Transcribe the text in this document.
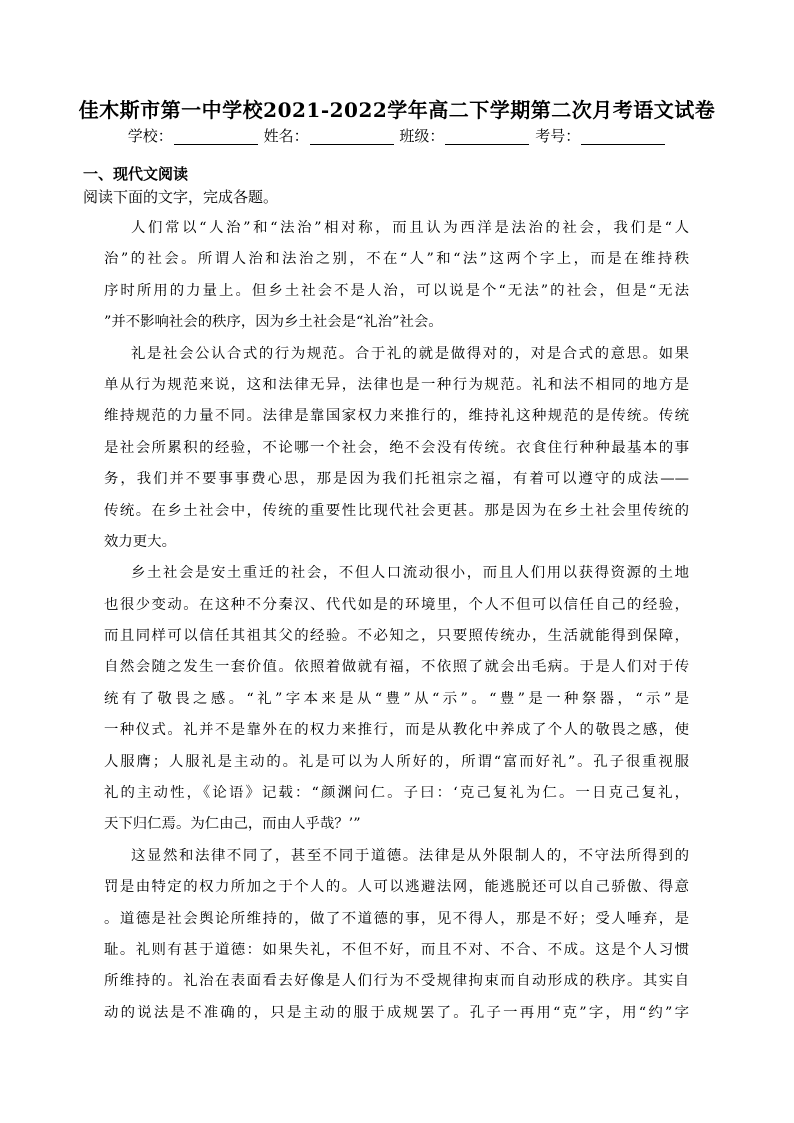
佳木斯市第一中学校2021-2022学年高二下学期第二次月考语文试卷
学校：	姓名：	班级：	考号：
一、现代文阅读
阅读下面的文字，完成各题。
人们常以“人治”和“法治”相对称，而且认为西洋是法治的社会，我们是“人
治”的社会。所谓人治和法治之别，不在“人”和“法”这两个字上，而是在维持秩
序时所用的力量上。但乡土社会不是人治，可以说是个“无法”的社会，但是“无法
”并不影响社会的秩序，因为乡土社会是“礼治”社会。
礼是社会公认合式的行为规范。合于礼的就是做得对的，对是合式的意思。如果
单从行为规范来说，这和法律无异，法律也是一种行为规范。礼和法不相同的地方是
维持规范的力量不同。法律是靠国家权力来推行的，维持礼这种规范的是传统。传统
是社会所累积的经验，不论哪一个社会，绝不会没有传统。衣食住行种种最基本的事
务，我们并不要事事费心思，那是因为我们托祖宗之福，有着可以遵守的成法——
传统。在乡土社会中，传统的重要性比现代社会更甚。那是因为在乡土社会里传统的
效力更大。
乡土社会是安土重迁的社会，不但人口流动很小，而且人们用以获得资源的土地
也很少变动。在这种不分秦汉、代代如是的环境里，个人不但可以信任自己的经验，
而且同样可以信任其祖其父的经验。不必知之，只要照传统办，生活就能得到保障，
自然会随之发生一套价值。依照着做就有福，不依照了就会出毛病。于是人们对于传
统有了敬畏之感。“礼”字本来是从“豊”从“示”。“豊”是一种祭器，“示”是
一种仪式。礼并不是靠外在的权力来推行，而是从教化中养成了个人的敬畏之感，使
人服膺；人服礼是主动的。礼是可以为人所好的，所谓“富而好礼”。孔子很重视服
礼的主动性，《论语》记载：“颜渊问仁。子曰：‘克己复礼为仁。一日克己复礼，
天下归仁焉。为仁由己，而由人乎哉？’”
这显然和法律不同了，甚至不同于道德。法律是从外限制人的，不守法所得到的
罚是由特定的权力所加之于个人的。人可以逃避法网，能逃脱还可以自己骄傲、得意
。道德是社会舆论所维持的，做了不道德的事，见不得人，那是不好；受人唾弃，是
耻。礼则有甚于道德：如果失礼，不但不好，而且不对、不合、不成。这是个人习惯
所维持的。礼治在表面看去好像是人们行为不受规律拘束而自动形成的秩序。其实自
动的说法是不准确的，只是主动的服于成规罢了。孔子一再用“克”字，用“约”字
